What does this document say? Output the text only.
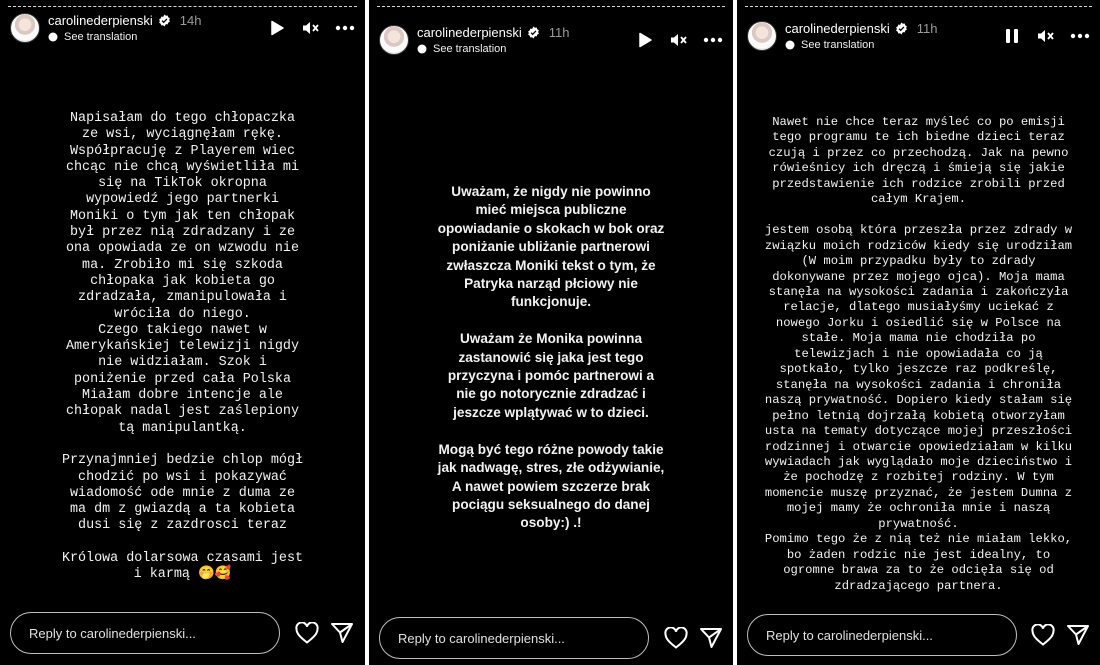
carolinederpienski 14h
See translation
Napisałam do tego chłopaczka
ze wsi, wyciągnęłam rękę.
Współpracuję z Playerem wiec
chcąc nie chcą wyświetliła mi
się na TikTok okropna
wypowiedź jego partnerki
Moniki o tym jak ten chłopak
był przez nią zdradzany i ze
ona opowiada ze on wzwodu nie
ma. Zrobiło mi się szkoda
chłopaka jak kobieta go
zdradzała, zmanipulowała i
wróciła do niego.
Czego takiego nawet w
Amerykańskiej telewizji nigdy
nie widziałam. Szok i
poniżenie przed cała Polska
Miałam dobre intencje ale
chłopak nadal jest zaślepiony
tą manipulantką.

Przynajmniej bedzie chlop mógł
chodzić po wsi i pokazywać
wiadomość ode mnie z duma ze
ma dm z gwiazdą a ta kobieta
dusi się z zazdrosci teraz

Królowa dolarsowa czasami jest
i karmą 🤭🥰
Reply to carolinederpienski...
carolinederpienski 11h
See translation
Uważam, że nigdy nie powinno
mieć miejsca publiczne
opowiadanie o skokach w bok oraz
poniżanie ubliżanie partnerowi
zwłaszcza Moniki tekst o tym, że
Patryka narząd płciowy nie
funkcjonuje.

Uważam że Monika powinna
zastanowić się jaka jest tego
przyczyna i pomóc partnerowi a
nie go notorycznie zdradzać i
jeszcze wplątywać w to dzieci.

Mogą być tego różne powody takie
jak nadwagę, stres, złe odżywianie,
A nawet powiem szczerze brak
pociągu seksualnego do danej
osoby:) .!
Reply to carolinederpienski...
carolinederpienski 11h
See translation
Nawet nie chce teraz myśleć co po emisji
tego programu te ich biedne dzieci teraz
czują i przez co przechodzą. Jak na pewno
rówieśnicy ich dręczą i śmieją się jakie
przedstawienie ich rodzice zrobili przed
całym Krajem.

jestem osobą która przeszła przez zdrady w
związku moich rodziców kiedy się urodziłam
(W moim przypadku były to zdrady
dokonywane przez mojego ojca). Moja mama
stanęła na wysokości zadania i zakończyła
relacje, dlatego musiałyśmy uciekać z
nowego Jorku i osiedlić się w Polsce na
stałe. Moja mama nie chodziła po
telewizjach i nie opowiadała co ją
spotkało, tylko jeszcze raz podkreślę,
stanęła na wysokości zadania i chroniła
naszą prywatność. Dopiero kiedy stałam się
pełno letnią dojrzałą kobietą otworzyłam
usta na tematy dotyczące mojej przeszłości
rodzinnej i otwarcie opowiedziałam w kilku
wywiadach jak wyglądało moje dzieciństwo i
że pochodzę z rozbitej rodziny. W tym
momencie muszę przyznać, że jestem Dumna z
mojej mamy że ochroniła mnie i naszą
prywatność.
Pomimo tego że z nią też nie miałam lekko,
bo żaden rodzic nie jest idealny, to
ogromne brawa za to że odcięła się od
zdradzającego partnera.
Reply to carolinederpienski...
